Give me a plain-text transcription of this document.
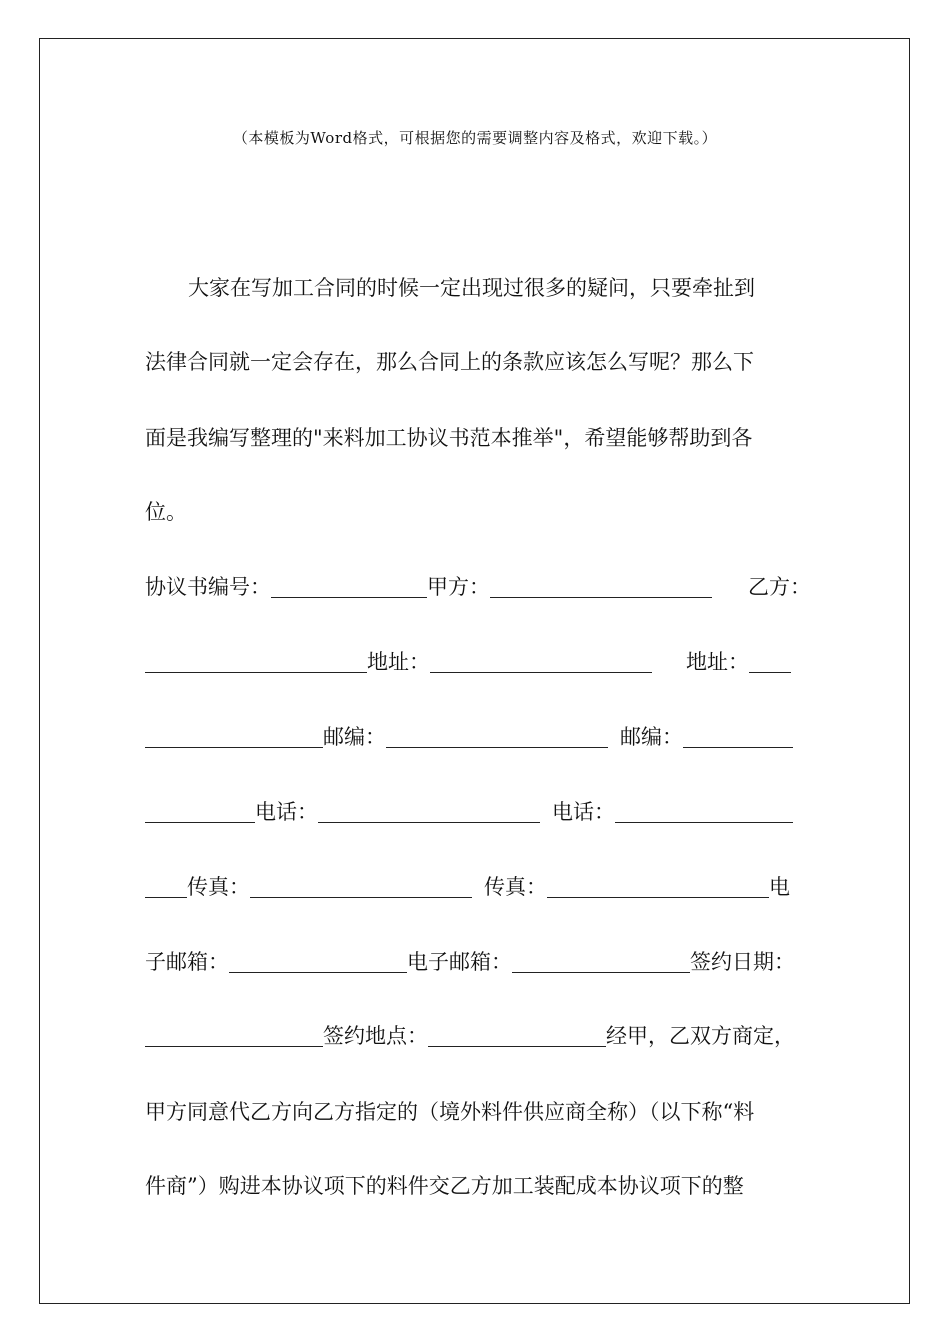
（本模板为Word格式，可根据您的需要调整内容及格式，欢迎下载。）
大家在写加工合同的时候一定出现过很多的疑问，只要牵扯到
法律合同就一定会存在，那么合同上的条款应该怎么写呢？那么下
面是我编写整理的"来料加工协议书范本推举"，希望能够帮助到各
位。
协议书编号：	甲方：	乙方：
地址：	地址：
邮编：	邮编：
电话：	电话：
传真：	传真：	电
子邮箱：	电子邮箱：	签约日期：
签约地点：	经甲，乙双方商定，
甲方同意代乙方向乙方指定的（境外料件供应商全称）（以下称“料
件商”）购进本协议项下的料件交乙方加工装配成本协议项下的整
